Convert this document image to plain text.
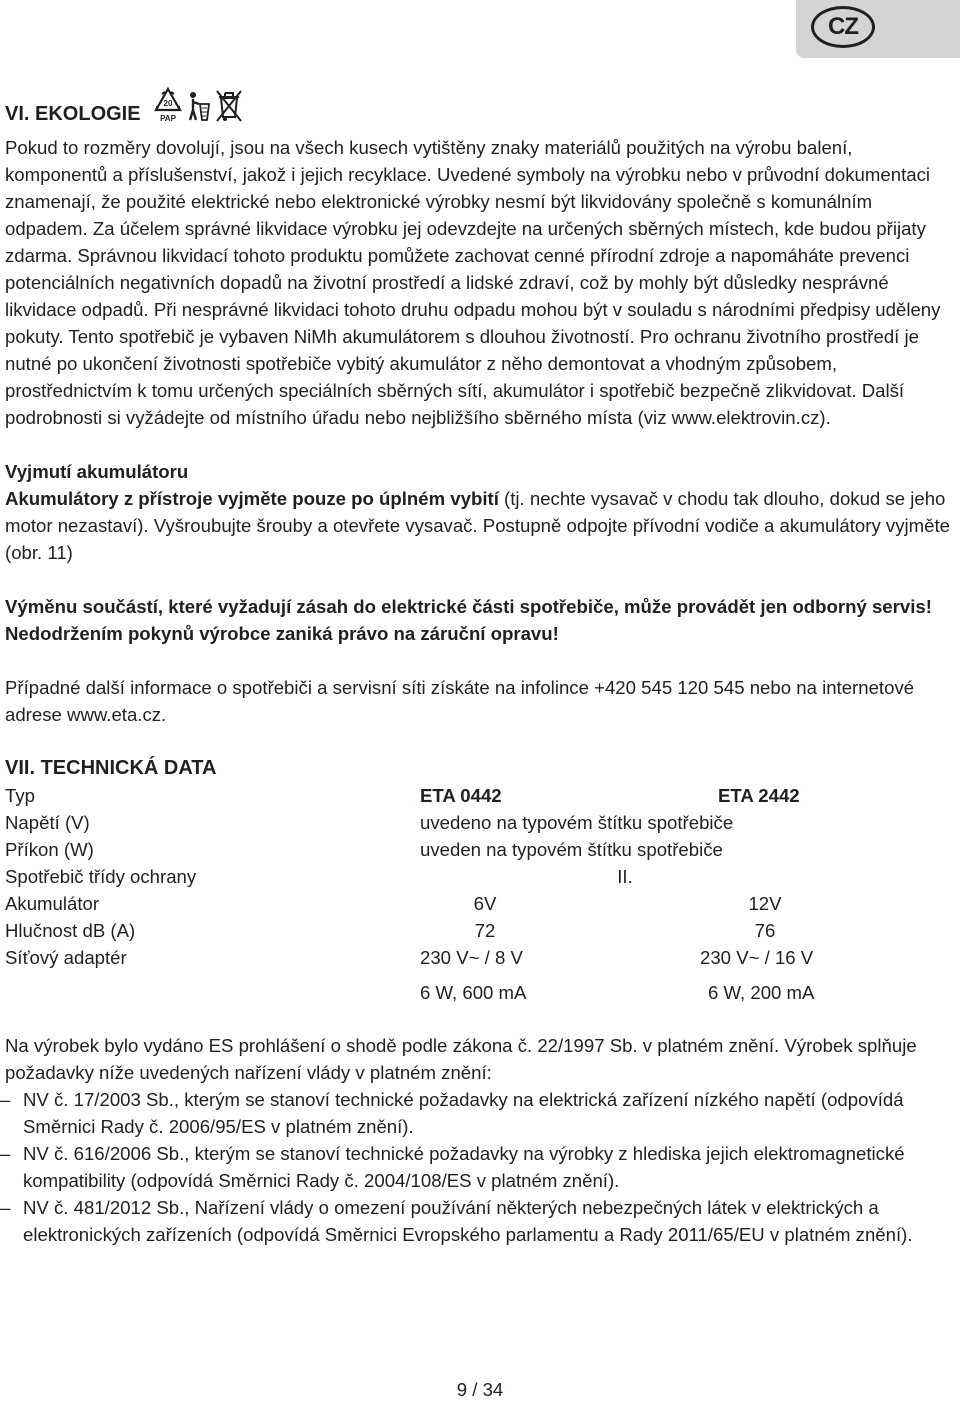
CZ
VI. EKOLOGIE	20
PAP

Pokud to rozměry dovolují, jsou na všech kusech vytištěny znaky materiálů použitých na výrobu balení, komponentů a příslušenství, jakož i jejich recyklace. Uvedené symboly na výrobku nebo v průvodní dokumentaci znamenají, že použité elektrické nebo elektronické výrobky nesmí být likvidovány společně s komunálním odpadem. Za účelem správné likvidace výrobku jej odevzdejte na určených sběrných místech, kde budou přijaty zdarma. Správnou likvidací tohoto produktu pomůžete zachovat cenné přírodní zdroje a napomáháte prevenci potenciálních negativních dopadů na životní prostředí a lidské zdraví, což by mohly být důsledky nesprávné likvidace odpadů. Při nesprávné likvidaci tohoto druhu odpadu mohou být v souladu s národními předpisy uděleny pokuty. Tento spotřebič je vybaven NiMh akumulátorem s dlouhou životností. Pro ochranu životního prostředí je nutné po ukončení životnosti spotřebiče vybitý akumulátor z něho demontovat a vhodným způsobem, prostřednictvím k tomu určených speciálních sběrných sítí, akumulátor i spotřebič bezpečně zlikvidovat. Další podrobnosti si vyžádejte od místního úřadu nebo nejbližšího sběrného místa (viz www.elektrovin.cz).

Vyjmutí akumulátoru

Akumulátory z přístroje vyjměte pouze po úplném vybití (tj. nechte vysavač v chodu tak dlouho, dokud se jeho motor nezastaví). Vyšroubujte šrouby a otevřete vysavač. Postupně odpojte přívodní vodiče a akumulátory vyjměte (obr. 11)

Výměnu součástí, které vyžadují zásah do elektrické části spotřebiče, může provádět jen odborný servis! Nedodržením pokynů výrobce zaniká právo na záruční opravu!

Případné další informace o spotřebiči a servisní síti získáte na infolince +420 545 120 545 nebo na internetové adrese www.eta.cz.

VII. TECHNICKÁ DATA
Typ	ETA 0442	ETA 2442
Napětí (V)	uvedeno na typovém štítku spotřebiče
Příkon (W)	uveden na typovém štítku spotřebiče
Spotřebič třídy ochrany	II.
Akumulátor	6V	12V
Hlučnost dB (A)	72	76
Síťový adaptér	230 V~ / 8 V	230 V~ / 16 V
6 W, 600 mA	6 W, 200 mA

Na výrobek bylo vydáno ES prohlášení o shodě podle zákona č. 22/1997 Sb. v platném znění. Výrobek splňuje požadavky níže uvedených nařízení vlády v platném znění:

– NV č. 17/2003 Sb., kterým se stanoví technické požadavky na elektrická zařízení nízkého napětí (odpovídá Směrnici Rady č. 2006/95/ES v platném znění).
– NV č. 616/2006 Sb., kterým se stanoví technické požadavky na výrobky z hlediska jejich elektromagnetické kompatibility (odpovídá Směrnici Rady č. 2004/108/ES v platném znění).
– NV č. 481/2012 Sb., Nařízení vlády o omezení používání některých nebezpečných látek v elektrických a elektronických zařízeních (odpovídá Směrnici Evropského parlamentu a Rady 2011/65/EU v platném znění).
9 / 34
